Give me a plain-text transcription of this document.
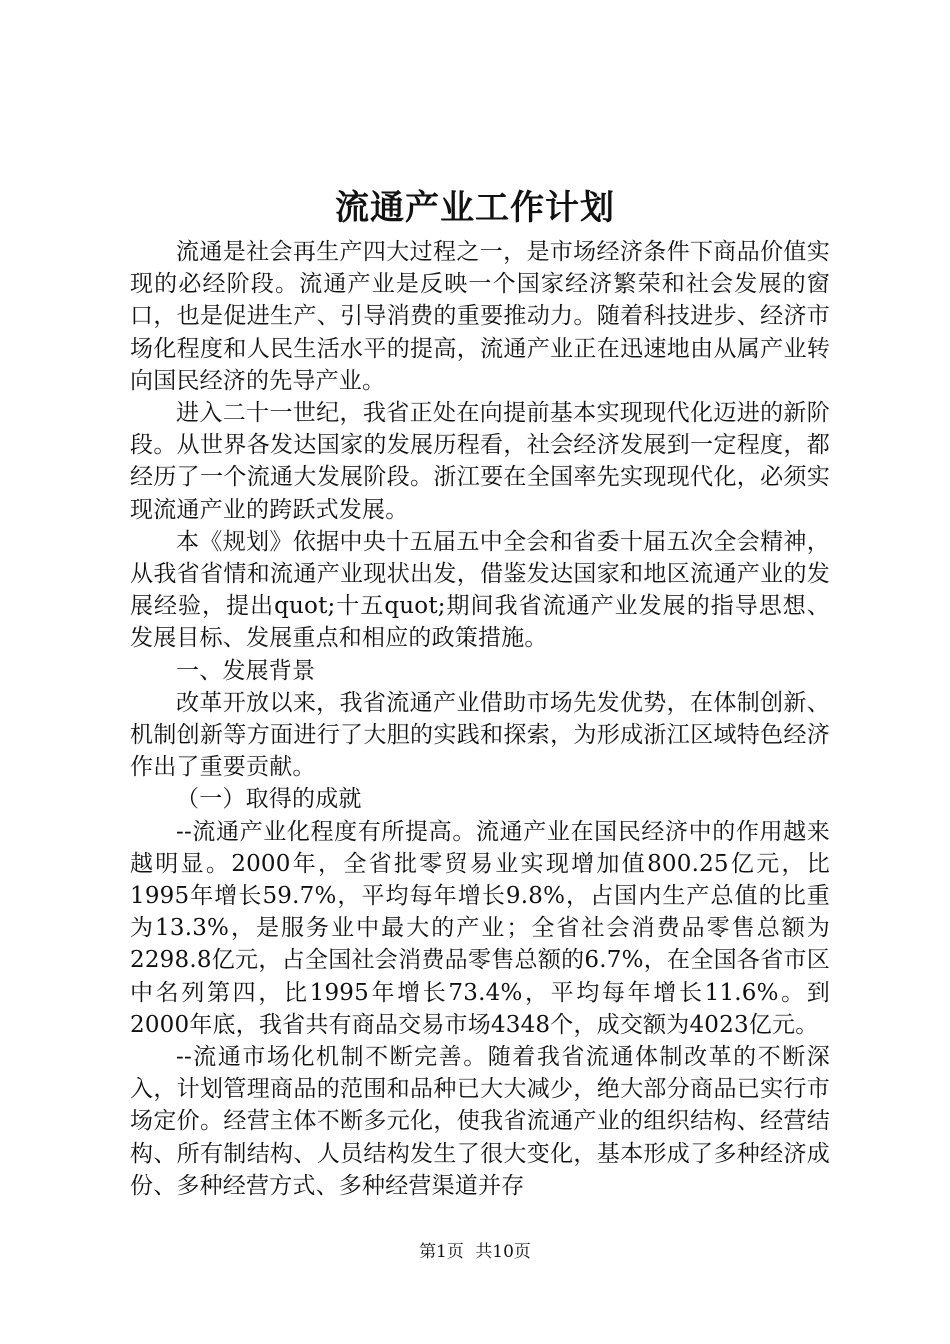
流通产业工作计划

流通是社会再生产四大过程之一，是市场经济条件下商品价值实现的必经阶段。流通产业是反映一个国家经济繁荣和社会发展的窗口，也是促进生产、引导消费的重要推动力。随着科技进步、经济市场化程度和人民生活水平的提高，流通产业正在迅速地由从属产业转向国民经济的先导产业。

进入二十一世纪，我省正处在向提前基本实现现代化迈进的新阶段。从世界各发达国家的发展历程看，社会经济发展到一定程度，都经历了一个流通大发展阶段。浙江要在全国率先实现现代化，必须实现流通产业的跨跃式发展。

本《规划》依据中央十五届五中全会和省委十届五次全会精神，从我省省情和流通产业现状出发，借鉴发达国家和地区流通产业的发展经验，提出quot;十五quot;期间我省流通产业发展的指导思想、发展目标、发展重点和相应的政策措施。

一、发展背景

改革开放以来，我省流通产业借助市场先发优势，在体制创新、机制创新等方面进行了大胆的实践和探索，为形成浙江区域特色经济作出了重要贡献。

（一）取得的成就

--流通产业化程度有所提高。流通产业在国民经济中的作用越来越明显。2000年，全省批零贸易业实现增加值800.25亿元，比1995年增长59.7%，平均每年增长9.8%，占国内生产总值的比重为13.3%，是服务业中最大的产业；全省社会消费品零售总额为2298.8亿元，占全国社会消费品零售总额的6.7%，在全国各省市区中名列第四，比1995年增长73.4%，平均每年增长11.6%。到2000年底，我省共有商品交易市场4348个，成交额为4023亿元。

--流通市场化机制不断完善。随着我省流通体制改革的不断深入，计划管理商品的范围和品种已大大减少，绝大部分商品已实行市场定价。经营主体不断多元化，使我省流通产业的组织结构、经营结构、所有制结构、人员结构发生了很大变化，基本形成了多种经济成份、多种经营方式、多种经营渠道并存

第1页 共10页
